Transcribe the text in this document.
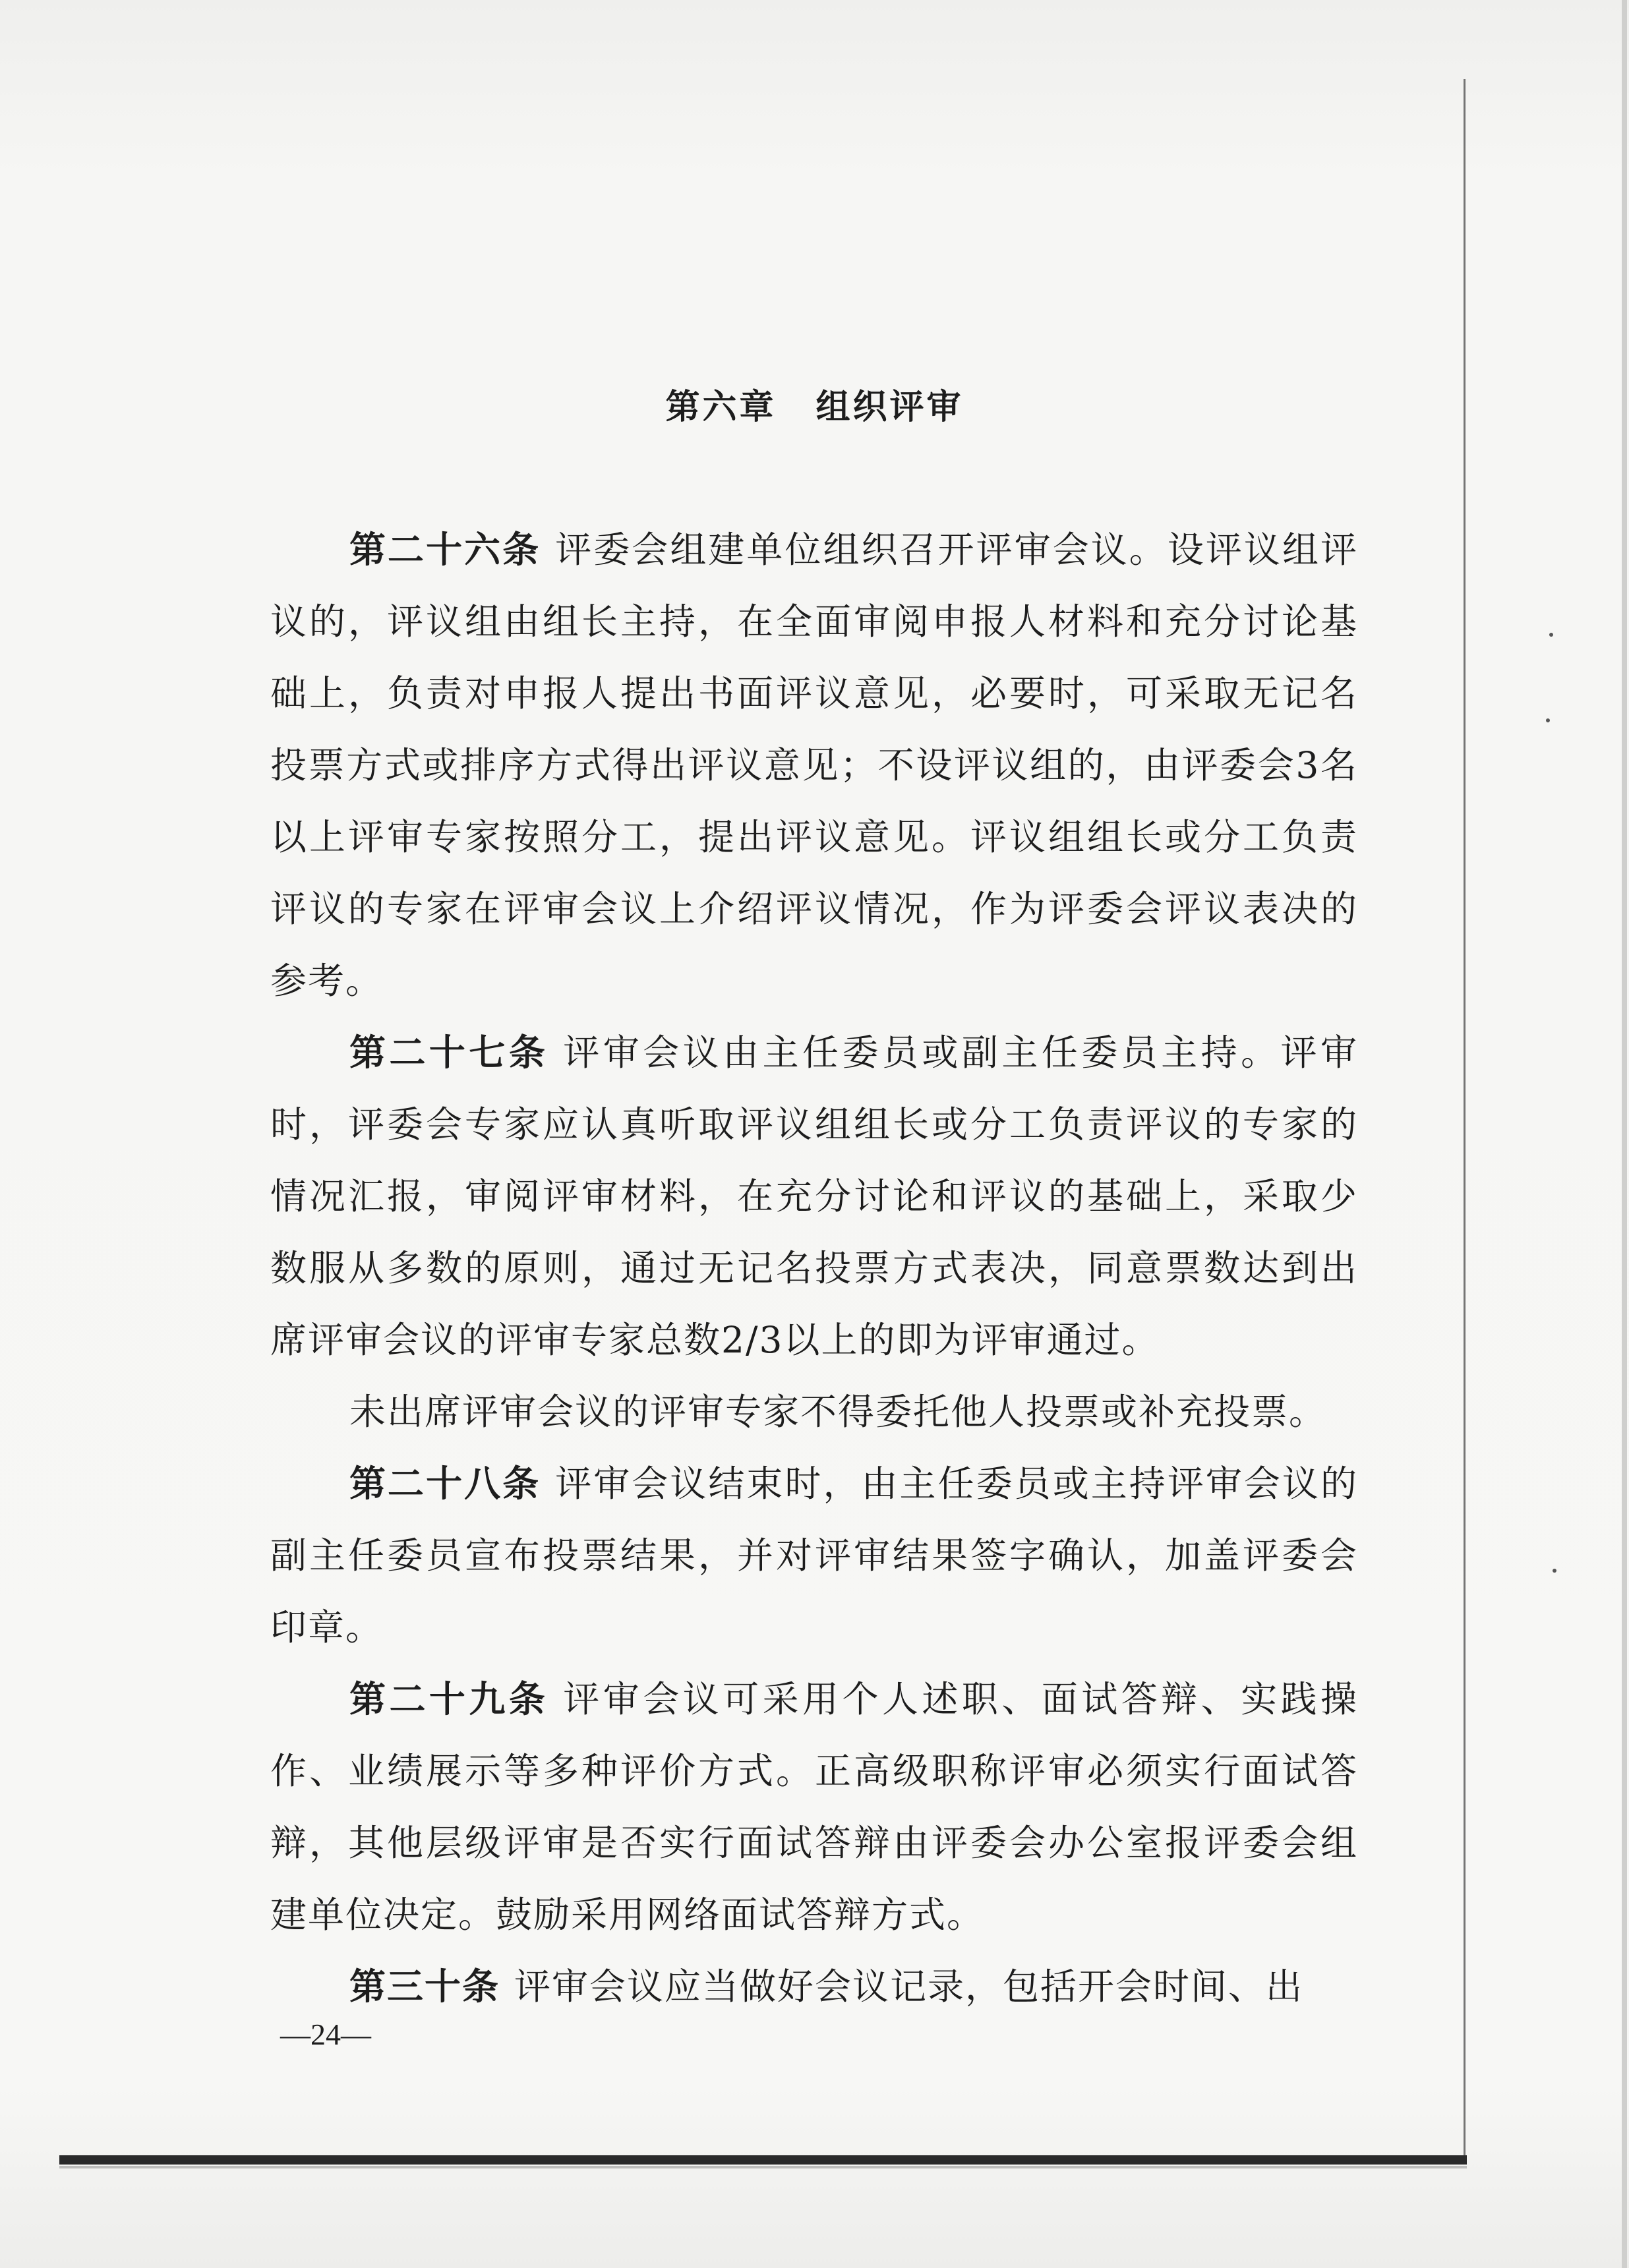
第六章 组织评审

第二十六条 评委会组建单位组织召开评审会议。设评议组评议的，评议组由组长主持，在全面审阅申报人材料和充分讨论基础上，负责对申报人提出书面评议意见，必要时，可采取无记名投票方式或排序方式得出评议意见；不设评议组的，由评委会3名以上评审专家按照分工，提出评议意见。评议组组长或分工负责评议的专家在评审会议上介绍评议情况，作为评委会评议表决的参考。

第二十七条 评审会议由主任委员或副主任委员主持。评审时，评委会专家应认真听取评议组组长或分工负责评议的专家的情况汇报，审阅评审材料，在充分讨论和评议的基础上，采取少数服从多数的原则，通过无记名投票方式表决，同意票数达到出席评审会议的评审专家总数2/3以上的即为评审通过。

未出席评审会议的评审专家不得委托他人投票或补充投票。

第二十八条 评审会议结束时，由主任委员或主持评审会议的副主任委员宣布投票结果，并对评审结果签字确认，加盖评委会印章。

第二十九条 评审会议可采用个人述职、面试答辩、实践操作、业绩展示等多种评价方式。正高级职称评审必须实行面试答辩，其他层级评审是否实行面试答辩由评委会办公室报评委会组建单位决定。鼓励采用网络面试答辩方式。

第三十条 评审会议应当做好会议记录，包括开会时间、出

—24—
